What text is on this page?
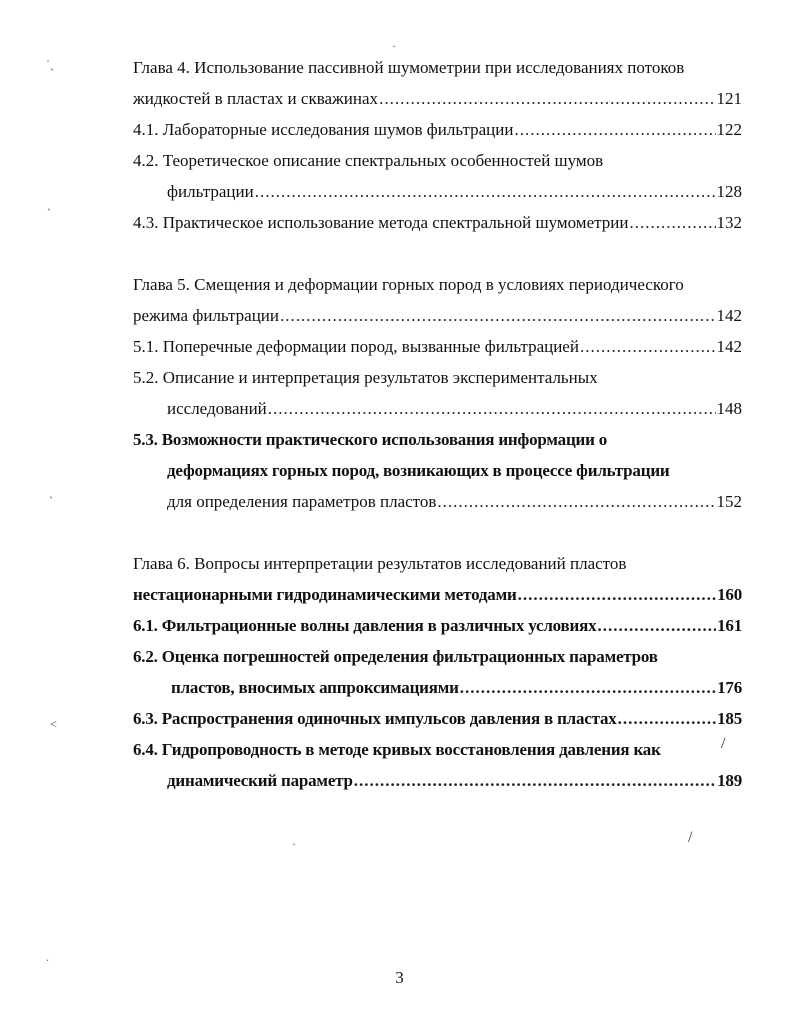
Глава 4. Использование пассивной шумометрии при исследованиях потоков
жидкостей в пластах и скважинах .....	121
4.1. Лабораторные исследования шумов фильтрации .....	122
4.2. Теоретическое описание спектральных особенностей шумов
фильтрации .....	128
4.3. Практическое использование метода спектральной шумометрии .....	132
Глава 5. Смещения и деформации горных пород в условиях периодического
режима фильтрации .....	142
5.1. Поперечные деформации пород, вызванные фильтрацией .....	142
5.2. Описание и интерпретация результатов экспериментальных
исследований .....	148
5.3. Возможности практического использования информации о
деформациях горных пород, возникающих в процессе фильтрации
для определения параметров пластов .....	152
Глава 6. Вопросы интерпретации результатов исследований пластов
нестационарными гидродинамическими методами .....	160
6.1. Фильтрационные волны давления в различных условиях .....	161
6.2. Оценка погрешностей определения фильтрационных параметров
пластов, вносимых аппроксимациями .....	176
6.3. Распространения одиночных импульсов давления в пластах .....	185
6.4. Гидропроводность в методе кривых восстановления давления как
динамический параметр .....	189
3
˙ˎ
ˎ
ˎ
˂
ˑ
·
·	/
/
